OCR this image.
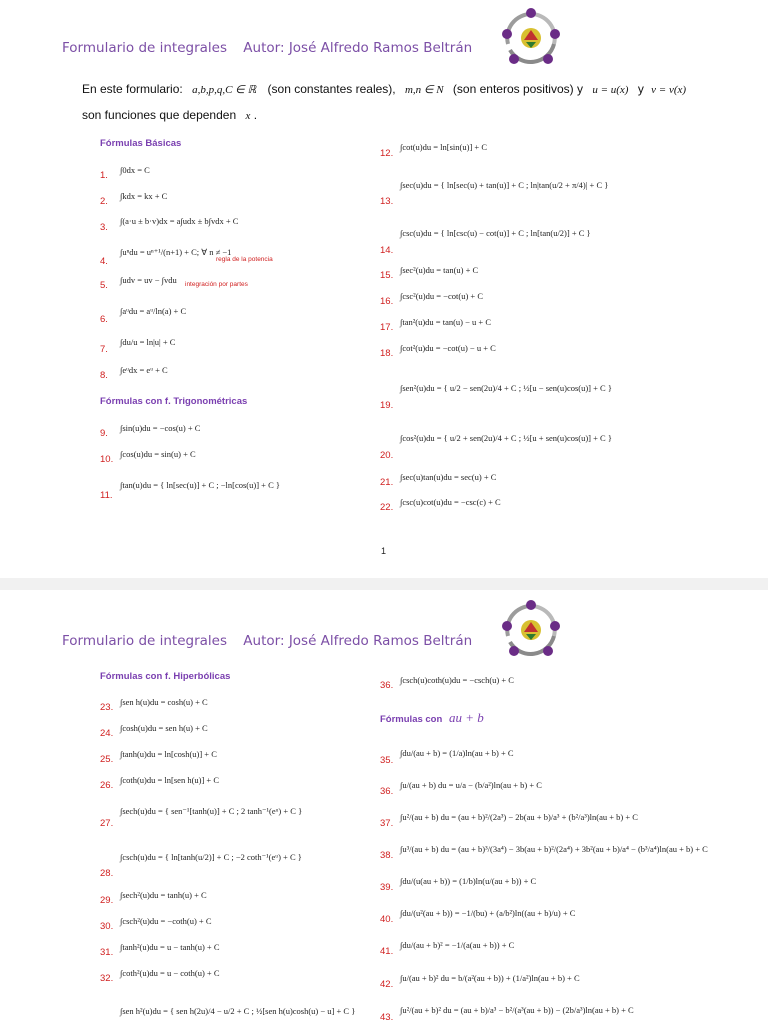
Formulario de integrales Autor: José Alfredo Ramos Beltrán
En este formulario: a,b,p,q,C ∈ ℝ (son constantes reales), m,n ∈ N (son enteros positivos) y u = u(x) y v = v(x)
son funciones que dependen x .
Fórmulas Básicas
Fórmulas con f. Trigonométricas
regla de la potencia
integración por partes
1. ∫0dx = C
2. ∫kdx = kx + C
3.
∫(a·u ± b·v)dx = a∫udx ± b∫vdx + C
4.
∫uⁿdu = uⁿ⁺¹/(n+1) + C; ∀ n ≠ −1
5. ∫udv = uv − ∫vdu
6.
∫aᵘdu = aᵘ/ln(a) + C
7.
∫du/u = ln|u| + C
8. ∫eᵘdx = eᵘ + C
9. ∫sin(u)du = −cos(u) + C
10. ∫cos(u)du = sin(u) + C
11.
∫tan(u)du = { ln[sec(u)] + C ; −ln[cos(u)] + C }
12.
∫cot(u)du = ln[sin(u)] + C
13.
∫sec(u)du = { ln[sec(u) + tan(u)] + C ; ln|tan(u/2 + π/4)| + C }
14.
∫csc(u)du = { ln[csc(u) − cot(u)] + C ; ln[tan(u/2)] + C }
15. ∫sec²(u)du = tan(u) + C
16. ∫csc²(u)du = −cot(u) + C
17. ∫tan²(u)du = tan(u) − u + C
18. ∫cot²(u)du = −cot(u) − u + C
19.
∫sen²(u)du = { u/2 − sen(2u)/4 + C ; ½[u − sen(u)cos(u)] + C }
20.
∫cos²(u)du = { u/2 + sen(2u)/4 + C ; ½[u + sen(u)cos(u)] + C }
21. ∫sec(u)tan(u)du = sec(u) + C
22. ∫csc(u)cot(u)du = −csc(c) + C
1
Formulario de integrales Autor: José Alfredo Ramos Beltrán
Fórmulas con f. Hiperbólicas
Fórmulas con au + b
23. ∫sen h(u)du = cosh(u) + C
24. ∫cosh(u)du = sen h(u) + C
25. ∫tanh(u)du = ln[cosh(u)] + C
26. ∫coth(u)du = ln[sen h(u)] + C
27.
∫sech(u)du = { sen⁻¹[tanh(u)] + C ; 2 tanh⁻¹(eᵘ) + C }
28.
∫csch(u)du = { ln[tanh(u/2)] + C ; −2 coth⁻¹(eᵘ) + C }
29. ∫sech²(u)du = tanh(u) + C
30. ∫csch²(u)du = −coth(u) + C
31. ∫tanh²(u)du = u − tanh(u) + C
32. ∫coth²(u)du = u − coth(u) + C
∫sen h²(u)du = { sen h(2u)/4 − u/2 + C ; ½[sen h(u)cosh(u) − u] + C }
36. ∫csch(u)coth(u)du = −csch(u) + C
35.
∫du/(au + b) = (1/a)ln(au + b) + C
36.
∫u/(au + b) du = u/a − (b/a²)ln(au + b) + C
37.
∫u²/(au + b) du = (au + b)²/(2a³) − 2b(au + b)/a³ + (b²/a³)ln(au + b) + C
38.
∫u³/(au + b) du = (au + b)³/(3a⁴) − 3b(au + b)²/(2a⁴) + 3b²(au + b)/a⁴ − (b³/a⁴)ln(au + b) + C
39.
∫du/(u(au + b)) = (1/b)ln(u/(au + b)) + C
40.
∫du/(u²(au + b)) = −1/(bu) + (a/b²)ln((au + b)/u) + C
41.
∫du/(au + b)² = −1/(a(au + b)) + C
42.
∫u/(au + b)² du = b/(a²(au + b)) + (1/a²)ln(au + b) + C
43.
∫u²/(au + b)² du = (au + b)/a³ − b²/(a³(au + b)) − (2b/a³)ln(au + b) + C
